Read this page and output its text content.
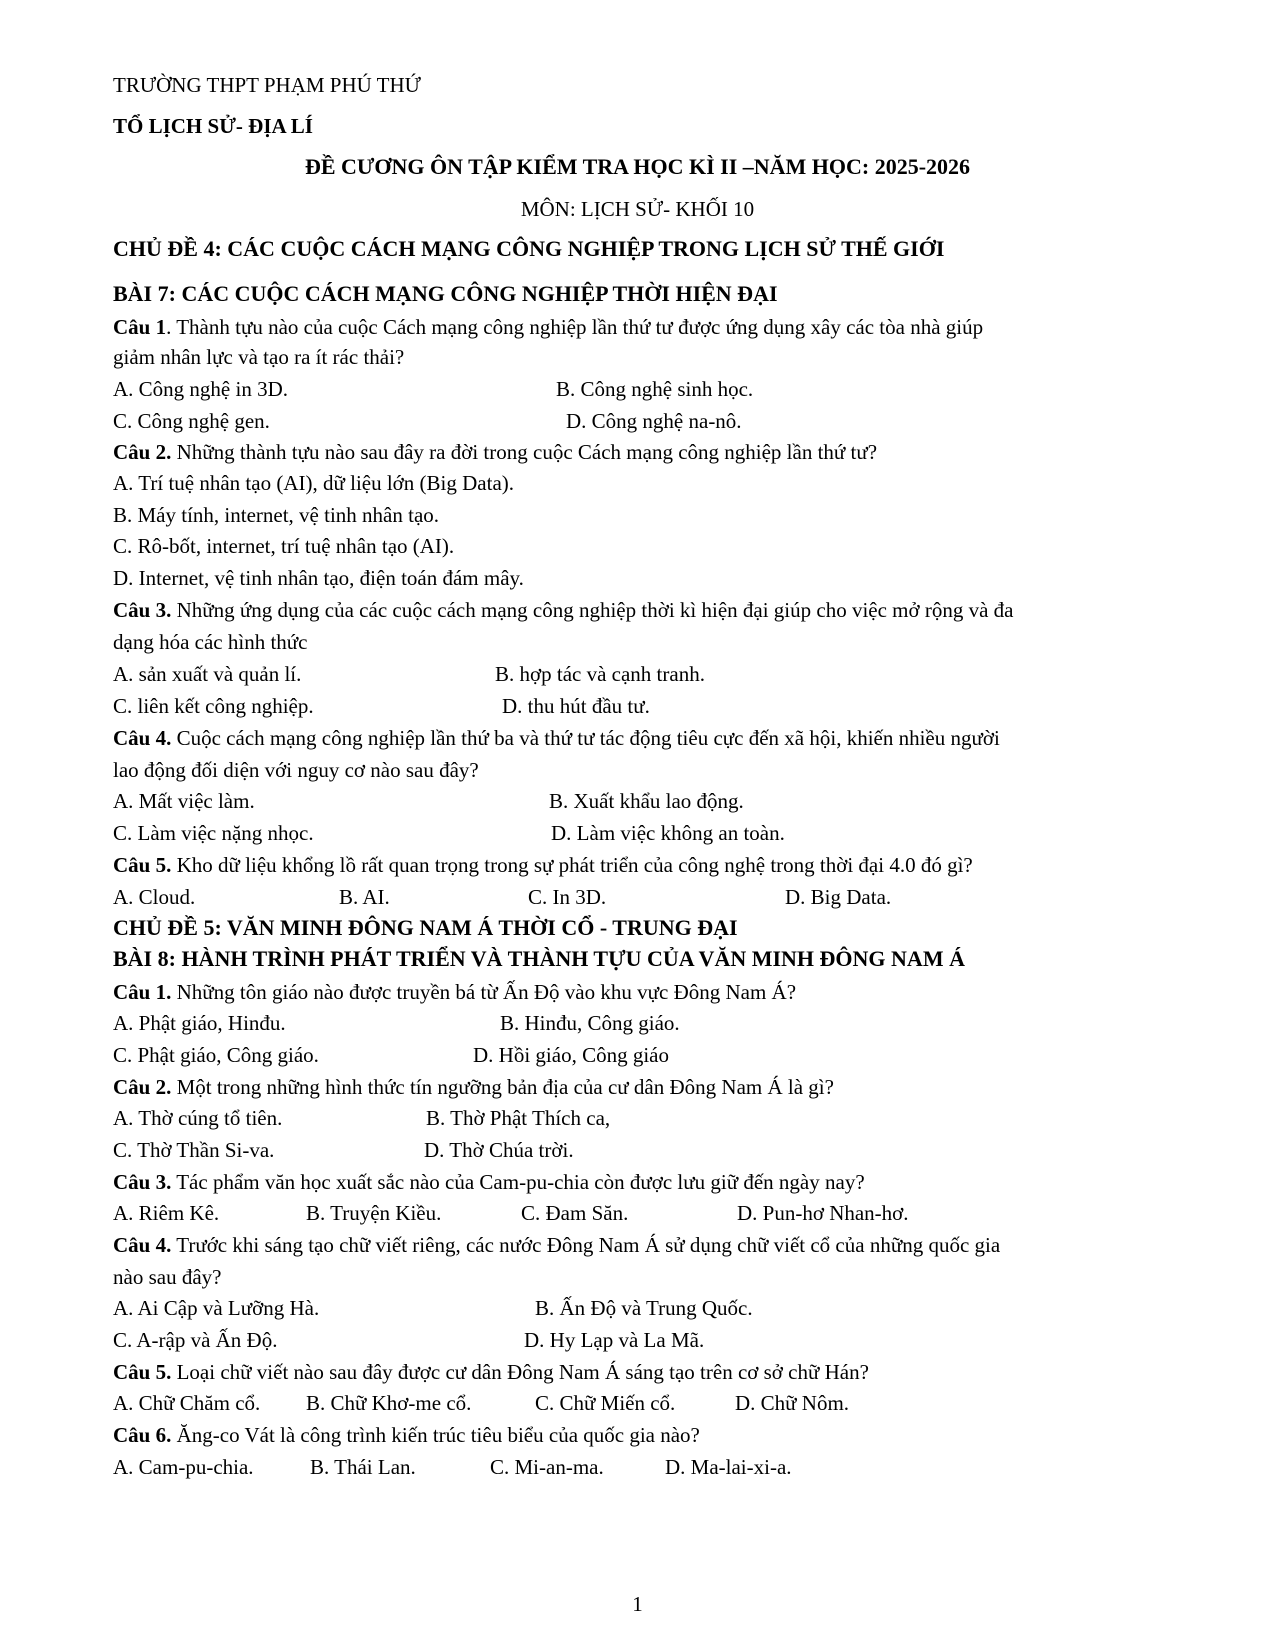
TRƯỜNG THPT PHẠM PHÚ THỨ
TỔ LỊCH SỬ- ĐỊA LÍ
ĐỀ CƯƠNG ÔN TẬP KIỂM TRA HỌC KÌ II –NĂM HỌC: 2025-2026
MÔN: LỊCH SỬ- KHỐI 10
CHỦ ĐỀ 4: CÁC CUỘC CÁCH MẠNG CÔNG NGHIỆP TRONG LỊCH SỬ THẾ GIỚI
BÀI 7: CÁC CUỘC CÁCH MẠNG CÔNG NGHIỆP THỜI HIỆN ĐẠI
Câu 1. Thành tựu nào của cuộc Cách mạng công nghiệp lần thứ tư được ứng dụng xây các tòa nhà giúp
giảm nhân lực và tạo ra ít rác thải?
A. Công nghệ in 3D.	B. Công nghệ sinh học.
C. Công nghệ gen.	D. Công nghệ na-nô.
Câu 2. Những thành tựu nào sau đây ra đời trong cuộc Cách mạng công nghiệp lần thứ tư?
A. Trí tuệ nhân tạo (AI), dữ liệu lớn (Big Data).
B. Máy tính, internet, vệ tinh nhân tạo.
C. Rô-bốt, internet, trí tuệ nhân tạo (AI).
D. Internet, vệ tinh nhân tạo, điện toán đám mây.
Câu 3. Những ứng dụng của các cuộc cách mạng công nghiệp thời kì hiện đại giúp cho việc mở rộng và đa
dạng hóa các hình thức
A. sản xuất và quản lí.	B. hợp tác và cạnh tranh.
C. liên kết công nghiệp.	D. thu hút đầu tư.
Câu 4. Cuộc cách mạng công nghiệp lần thứ ba và thứ tư tác động tiêu cực đến xã hội, khiến nhiều người
lao động đối diện với nguy cơ nào sau đây?
A. Mất việc làm.	B. Xuất khẩu lao động.
C. Làm việc nặng nhọc.	D. Làm việc không an toàn.
Câu 5. Kho dữ liệu khổng lồ rất quan trọng trong sự phát triển của công nghệ trong thời đại 4.0 đó gì?
A. Cloud.	B. AI.	C. In 3D.	D. Big Data.
CHỦ ĐỀ 5: VĂN MINH ĐÔNG NAM Á THỜI CỔ - TRUNG ĐẠI
BÀI 8: HÀNH TRÌNH PHÁT TRIỂN VÀ THÀNH TỰU CỦA VĂN MINH ĐÔNG NAM Á
Câu 1. Những tôn giáo nào được truyền bá từ Ấn Độ vào khu vực Đông Nam Á?
A. Phật giáo, Hinđu.	B. Hinđu, Công giáo.
C. Phật giáo, Công giáo.	D. Hồi giáo, Công giáo
Câu 2. Một trong những hình thức tín ngưỡng bản địa của cư dân Đông Nam Á là gì?
A. Thờ cúng tổ tiên.	B. Thờ Phật Thích ca,
C. Thờ Thần Si-va.	D. Thờ Chúa trời.
Câu 3. Tác phẩm văn học xuất sắc nào của Cam-pu-chia còn được lưu giữ đến ngày nay?
A. Riêm Kê.	B. Truyện Kiều.	C. Đam Săn.	D. Pun-hơ Nhan-hơ.
Câu 4. Trước khi sáng tạo chữ viết riêng, các nước Đông Nam Á sử dụng chữ viết cổ của những quốc gia
nào sau đây?
A. Ai Cập và Lưỡng Hà.	B. Ấn Độ và Trung Quốc.
C. A-rập và Ấn Độ.	D. Hy Lạp và La Mã.
Câu 5. Loại chữ viết nào sau đây được cư dân Đông Nam Á sáng tạo trên cơ sở chữ Hán?
A. Chữ Chăm cổ. B. Chữ Khơ-me cổ.	C. Chữ Miến cổ.	D. Chữ Nôm.
Câu 6. Ăng-co Vát là công trình kiến trúc tiêu biểu của quốc gia nào?
A. Cam-pu-chia.	B. Thái Lan.	C. Mi-an-ma.	D. Ma-lai-xi-a.
1
